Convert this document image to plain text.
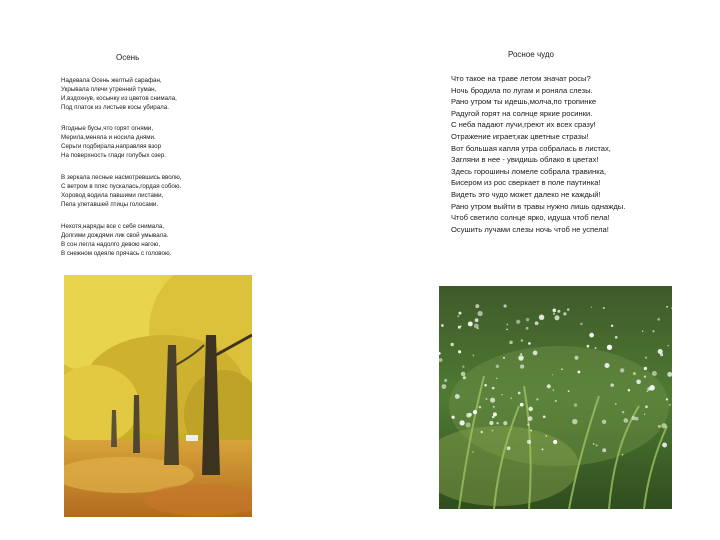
Осень
Надевала Осень желтый сарафан,
Укрывала плечи утренний туман,
И,вздохнув, косынку из цветов снимала,
Под платок из листьев косы убирала.
Ягодные бусы,что горят огнями,
Мерила,меняла и носила днями.
Серьги подбирала,направляя взор
На поверхность глади голубых озер.
В зеркала лесные насмотревшись вволю,
С ветром в пляс пускалась,гордая собою.
Хоровод водила павшими листами,
Пела улетавшей птицы голосами.
Нехотя,наряды все с себя снимала,
Долгими дождями лик свой умывала.
В сон легла надолго девою нагою,
В снежном одеяле прячась с головою.
Росное чудо
Что такое на траве летом значат росы?
Ночь бродила по лугам и роняла слезы.
Рано утром ты идешь,молча,по тропинке
Радугой горят на солнце яркие росинки.
С неба падают лучи,греют их всех сразу!
Отражение играет,как цветные стразы!
Вот большая капля утра собралась в листах,
Загляни в нее - увидишь облако в цветах!
Здесь горошины ломеле собрала травинка,
Бисером из рос сверкает в поле паутинка!
Видеть это чудо может далеко не каждый!
Рано утром выйти в травы нужно лишь однажды.
Чтоб светило солнце ярко, идуша чтоб пела!
Осушить лучами слезы ночь чтоб не успела!
